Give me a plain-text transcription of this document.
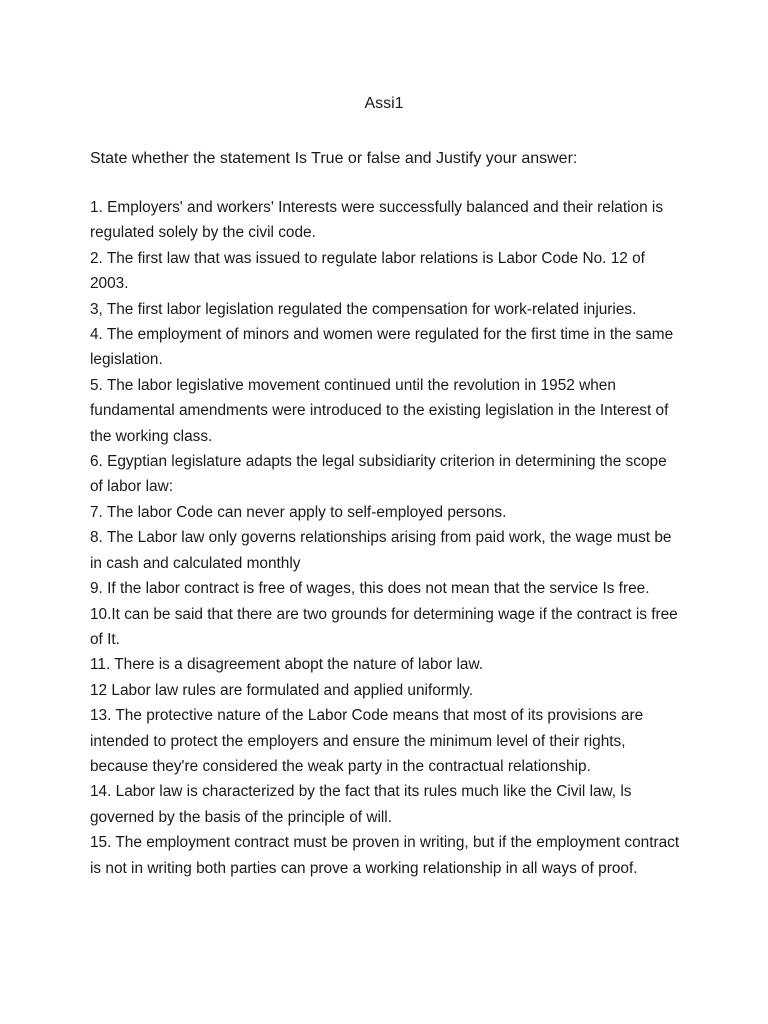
Assi1
State whether the statement Is True or false and Justify your answer:
1. Employers' and workers' Interests were successfully balanced and their relation is regulated solely by the civil code.
2. The first law that was issued to regulate labor relations is Labor Code No. 12 of 2003.
3, The first labor legislation regulated the compensation for work-related injuries.
4. The employment of minors and women were regulated for the first time in the same legislation.
5. The labor legislative movement continued until the revolution in 1952 when fundamental amendments were introduced to the existing legislation in the Interest of the working class.
6. Egyptian legislature adapts the legal subsidiarity criterion in determining the scope of labor law:
7. The labor Code can never apply to self-employed persons.
8. The Labor law only governs relationships arising from paid work, the wage must be in cash and calculated monthly
9. If the labor contract is free of wages, this does not mean that the service Is free.
10.It can be said that there are two grounds for determining wage if the contract is free of It.
11. There is a disagreement abopt the nature of labor law.
12 Labor law rules are formulated and applied uniformly.
13. The protective nature of the Labor Code means that most of its provisions are intended to protect the employers and ensure the minimum level of their rights, because they're considered the weak party in the contractual relationship.
14. Labor law is characterized by the fact that its rules much like the Civil law, ls governed by the basis of the principle of will.
15. The employment contract must be proven in writing, but if the employment contract is not in writing both parties can prove a working relationship in all ways of proof.
